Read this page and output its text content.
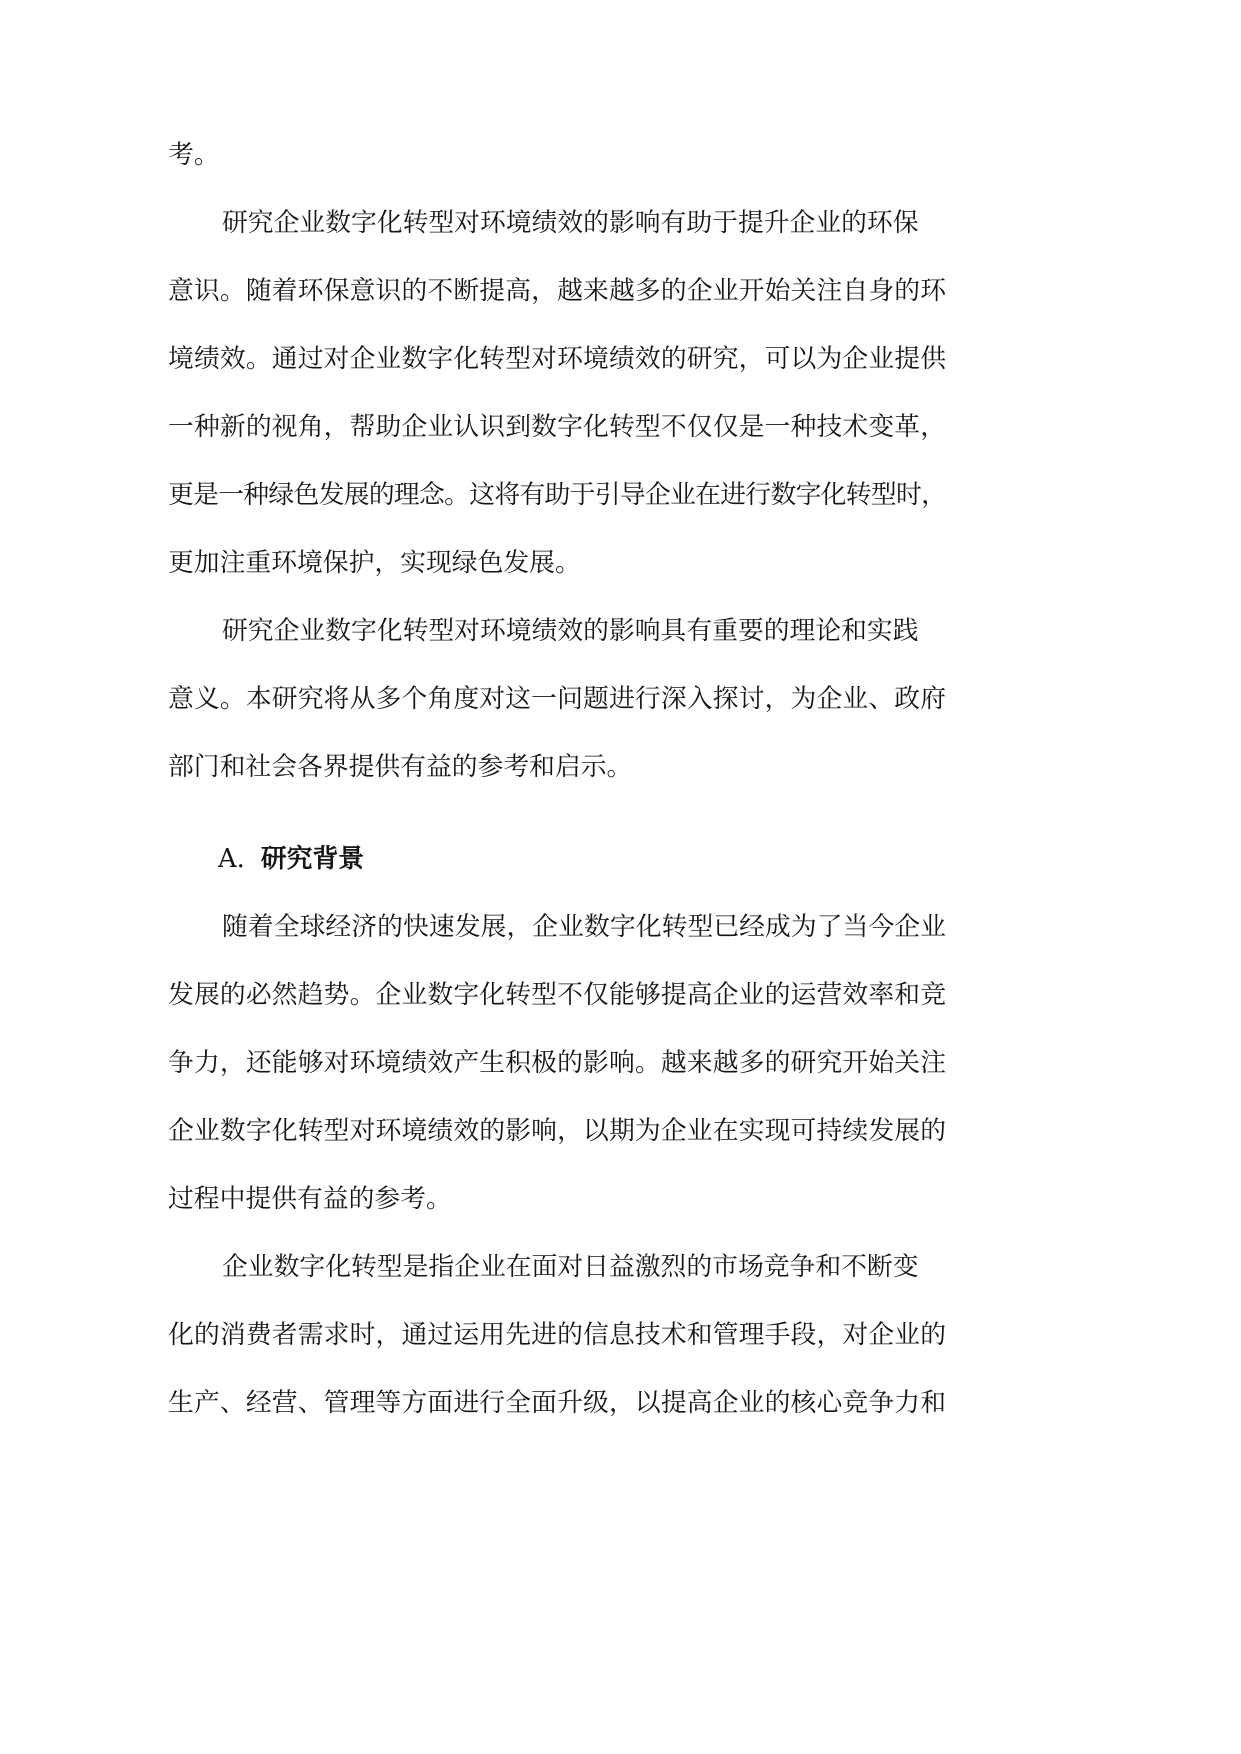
考。
研究企业数字化转型对环境绩效的影响有助于提升企业的环保
意识。随着环保意识的不断提高，越来越多的企业开始关注自身的环
境绩效。通过对企业数字化转型对环境绩效的研究，可以为企业提供
一种新的视角，帮助企业认识到数字化转型不仅仅是一种技术变革，
更是一种绿色发展的理念。这将有助于引导企业在进行数字化转型时，
更加注重环境保护，实现绿色发展。
研究企业数字化转型对环境绩效的影响具有重要的理论和实践
意义。本研究将从多个角度对这一问题进行深入探讨，为企业、政府
部门和社会各界提供有益的参考和启示。
A. 研究背景
随着全球经济的快速发展，企业数字化转型已经成为了当今企业
发展的必然趋势。企业数字化转型不仅能够提高企业的运营效率和竞
争力，还能够对环境绩效产生积极的影响。越来越多的研究开始关注
企业数字化转型对环境绩效的影响，以期为企业在实现可持续发展的
过程中提供有益的参考。
企业数字化转型是指企业在面对日益激烈的市场竞争和不断变
化的消费者需求时，通过运用先进的信息技术和管理手段，对企业的
生产、经营、管理等方面进行全面升级，以提高企业的核心竞争力和
